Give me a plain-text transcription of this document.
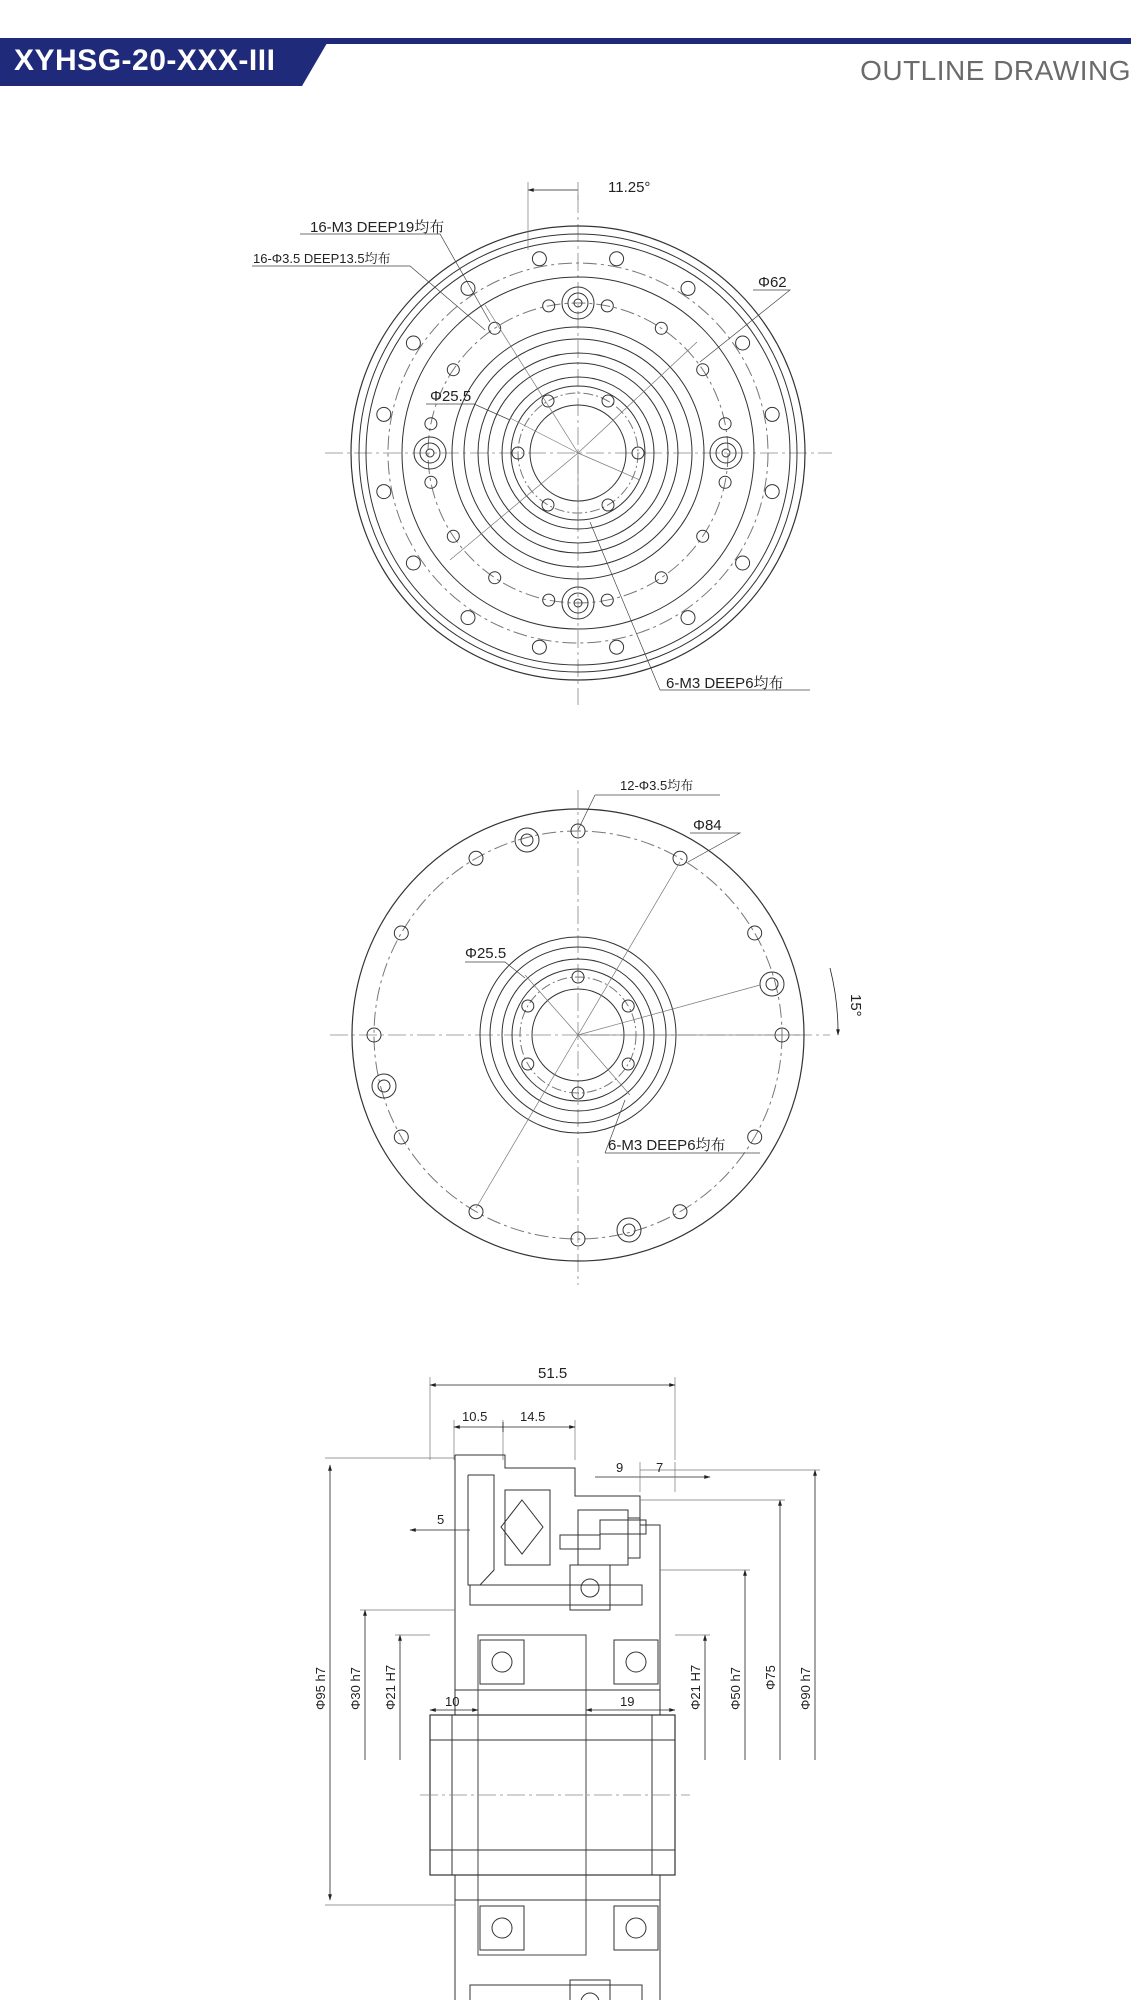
XYHSG-20-XXX-III	OUTLINE DRAWING
11.25°
16-M3 DEEP19均布
16-Φ3.5 DEEP13.5均布
Φ62
Φ25.5
6-M3 DEEP6均布
12-Φ3.5均布
Φ84
Φ25.5
15°
6-M3 DEEP6均布
51.5
10.5	14.5
9	7
5
10	19
Φ95 h7 Φ30 h7 Φ21 H7	Φ21 H7 Φ50 h7 Φ75 Φ90 h7
